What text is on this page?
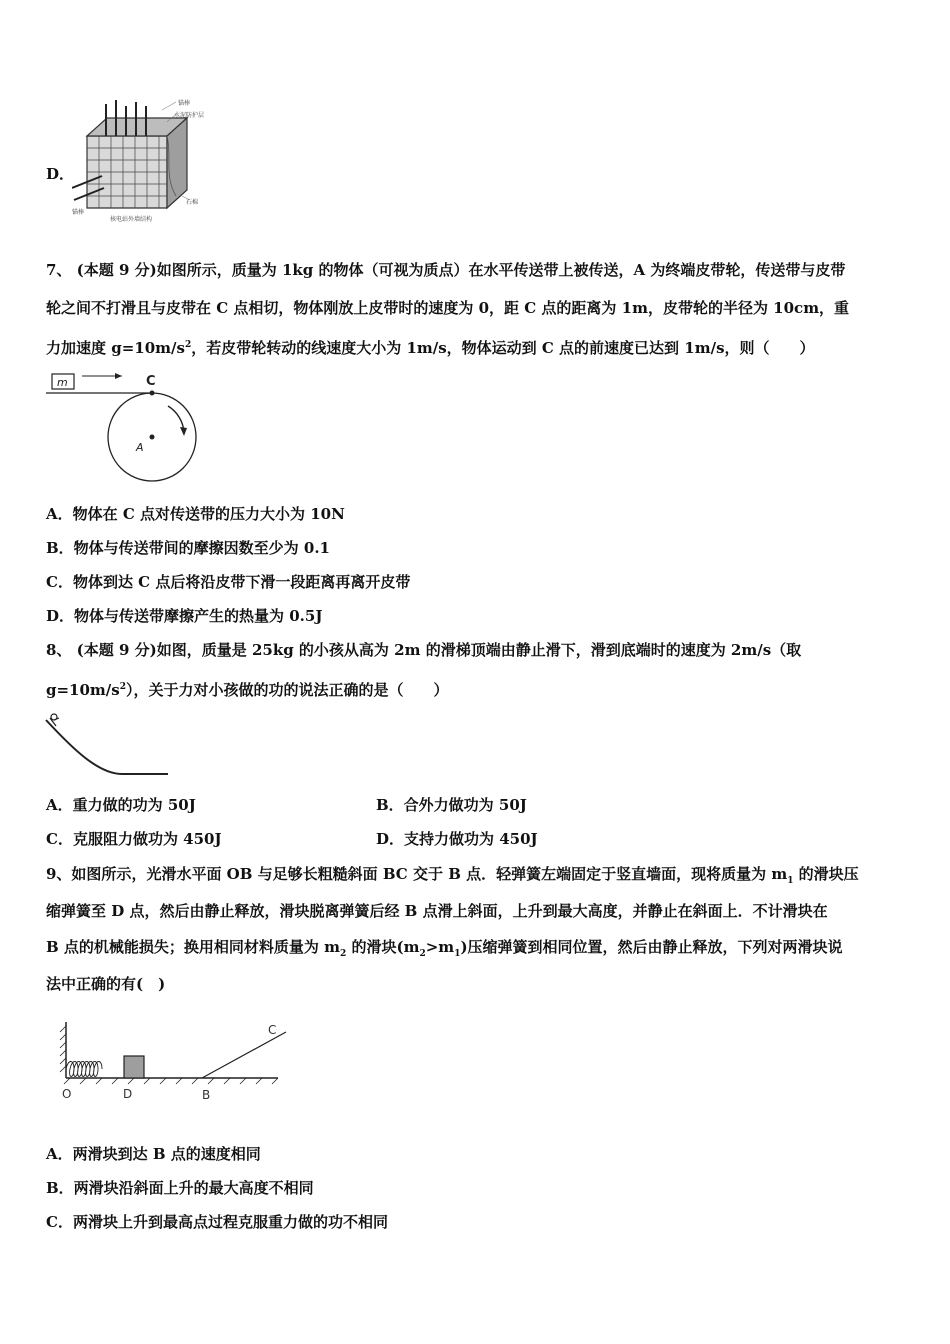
D．
锚棒
水泥防护层
锚棒
石棉
核电站外墙结构
7、 (本题 9 分)如图所示，质量为 1kg 的物体（可视为质点）在水平传送带上被传送，A 为终端皮带轮，传送带与皮带
轮之间不打滑且与皮带在 C 点相切，物体刚放上皮带时的速度为 0，距 C 点的距离为 1m，皮带轮的半径为 10cm，重
力加速度 $g=10m/s^2$，若皮带轮转动的线速度大小为 1m/s，物体运动到 C 点的前速度已达到 1m/s，则（　　）
m	C
A
A．物体在 C 点对传送带的压力大小为 10N
B．物体与传送带间的摩擦因数至少为 0.1
C．物体到达 C 点后将沿皮带下滑一段距离再离开皮带
D．物体与传送带摩擦产生的热量为 0.5J
8、 (本题 9 分)如图，质量是 25kg 的小孩从高为 2m 的滑梯顶端由静止滑下，滑到底端时的速度为 2m/s（取
$g=10m/s^2$），关于力对小孩做的功的说法正确的是（　　）
A．重力做的功为 50J	B．合外力做功为 50J
C．克服阻力做功为 450J	D．支持力做功为 450J
9、如图所示，光滑水平面 OB 与足够长粗糙斜面 BC 交于 B 点．轻弹簧左端固定于竖直墙面，现将质量为 $m_1$ 的滑块压
缩弹簧至 D 点，然后由静止释放，滑块脱离弹簧后经 B 点滑上斜面，上升到最大高度，并静止在斜面上．不计滑块在
B 点的机械能损失；换用相同材料质量为 $m_2$ 的滑块$(m_2>m_1)$压缩弹簧到相同位置，然后由静止释放，下列对两滑块说
法中正确的有(　)
O	D	B
C
A．两滑块到达 B 点的速度相同
B．两滑块沿斜面上升的最大高度不相同
C．两滑块上升到最高点过程克服重力做的功不相同
